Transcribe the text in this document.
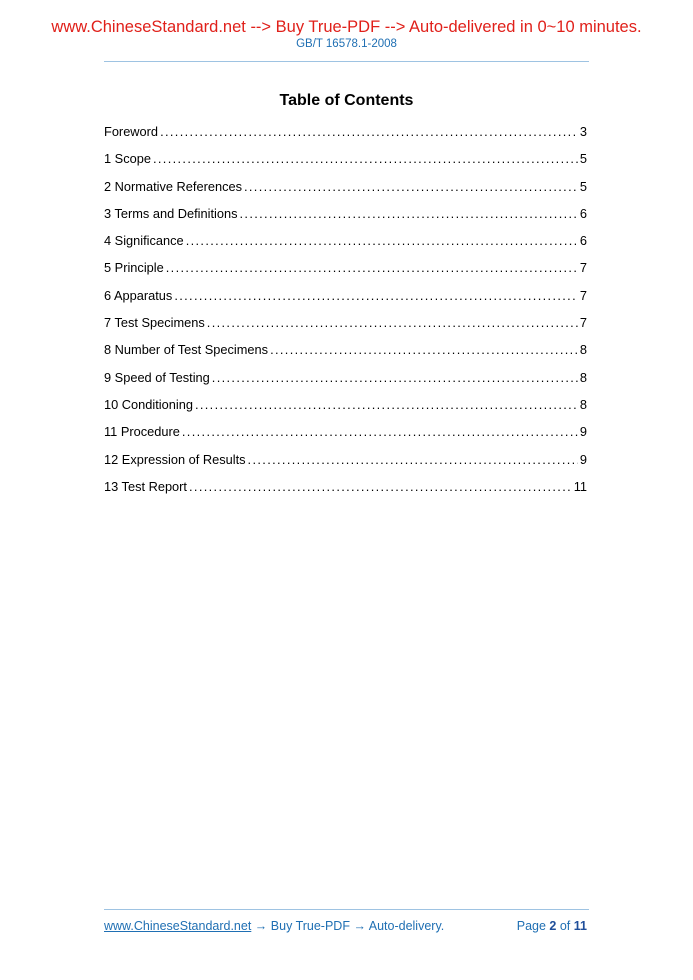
www.ChineseStandard.net --> Buy True-PDF --> Auto-delivered in 0~10 minutes.
GB/T 16578.1-2008
Table of Contents
Foreword . . .	3
1 Scope . . .	5
2 Normative References . . .	5
3 Terms and Definitions . . .	6
4 Significance . . .	6
5 Principle . . .	7
6 Apparatus . . .	7
7 Test Specimens . . .	7
8 Number of Test Specimens . . .	8
9 Speed of Testing . . .	8
10 Conditioning . . .	8
11 Procedure . . .	9
12 Expression of Results . . .	9
13 Test Report . . .	11
www.ChineseStandard.net → Buy True-PDF → Auto-delivery.	Page 2 of 11
